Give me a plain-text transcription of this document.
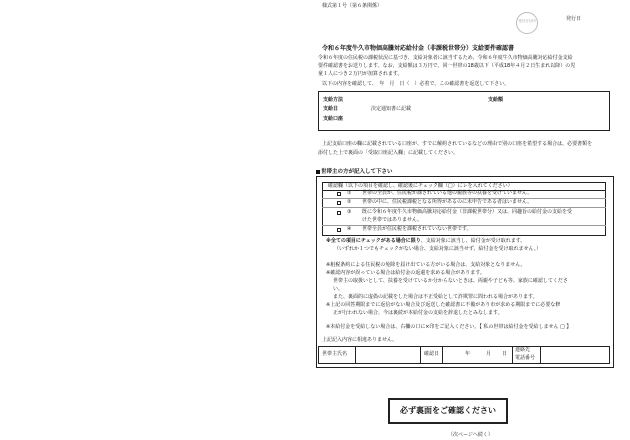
様式第１号（第６条関係）
受付日付印	発行日
令和６年度牛久市物価高騰対応給付金（非課税世帯分）支給要件確認書
令和６年度の住民税の課税状況に基づき、支給対象者に該当するため、令和６年度牛久市物価高騰対応給付金支給
要件確認書をお送りします。なお、支給額は３万円で、同一世帯の18歳以下（平成18年４月２日生まれ以降）の児
童１人につき２万円が加算されます。
以下の内容を確認して、　年　月　日（　）必着で、この確認書を返送して下さい。
支給方法	支給額
支給日	決定通知書に記載
支給口座
上記支給口座の欄に記載されている口座が、すでに解約されているなどの理由で別の口座を希望する場合は、必要書類を
添付した上で裏面の「受取口座記入欄」に記載してください。
世帯主の方が記入して下さい
確認欄（以下の項目を確認し、確認後にチェック欄（□）にレを入れてください）
① 世帯の全員が、住民税が課されている他の親族等の扶養を受けていません。
② 世帯の中に、住民税課税となる所得があるのに未申告である者はいません。
③ 既に令和６年度牛久市物価高騰対応給付金（非課税世帯分）又は、同趣旨の給付金の支給を受
けた世帯ではありません。
④ 世帯全員が住民税を課税されていない世帯です。
※全ての項目にチェックがある場合に限り、支給対象に該当し、給付金が受け取れます。
（いずれか１つでもチェックがない場合、支給対象に該当せず、給付金を受け取れません。）
※租税条約による住民税の免除を届け出ている方がいる場合は、支給対象となりません。
※確認内容が誤っている場合は給付金の返還を求める場合があります。
世帯主の取扱いとして、扶養を受けているか分からないときは、両親や子ども等、家族に確認してくださ
い。
また、裏面的に虚偽の記載をした場合は不正受給として詐欺罪に問われる場合があります。
※上記の回答期限までに返信がない場合及び返送した確認書に不備があり市が求める期限までに必要な修
正が行われない場合、今は裏続が本給付金の支給を辞退したとみなします。
※本給付金を受給しない場合は、右欄の口に×印をご記入ください。【 私の世帯は給付金を受給しません □ 】
上記記入内容に相違ありません。
世帯主氏名	確認日	年	月 日
連絡先
電話番号
必ず裏面をご確認ください
（次ページへ続く）
